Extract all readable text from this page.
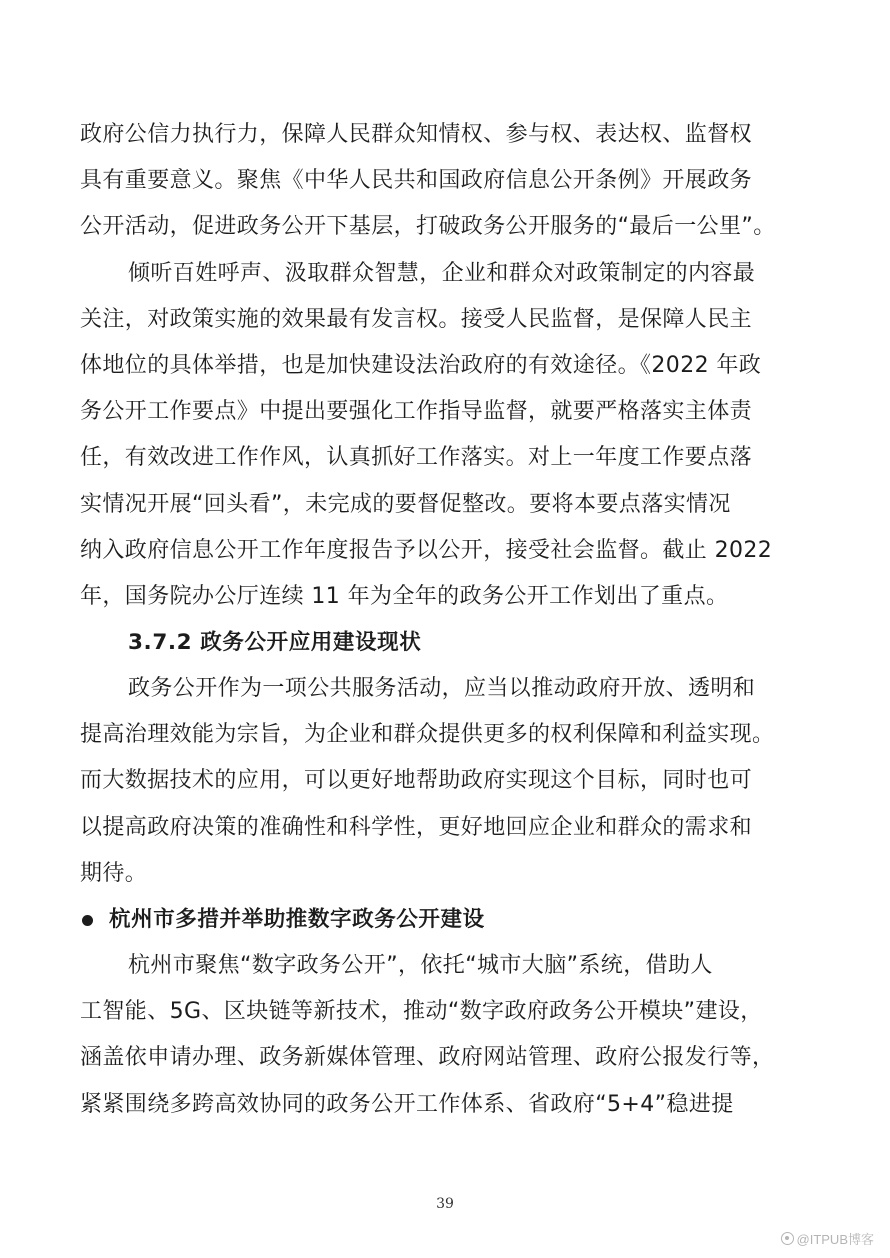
政府公信力执行力，保障人民群众知情权、参与权、表达权、监督权
具有重要意义。聚焦《中华人民共和国政府信息公开条例》开展政务
公开活动，促进政务公开下基层，打破政务公开服务的“最后一公里”。
倾听百姓呼声、汲取群众智慧，企业和群众对政策制定的内容最
关注，对政策实施的效果最有发言权。接受人民监督，是保障人民主
体地位的具体举措，也是加快建设法治政府的有效途径。《2022 年政
务公开工作要点》中提出要强化工作指导监督，就要严格落实主体责
任，有效改进工作作风，认真抓好工作落实。对上一年度工作要点落
实情况开展“回头看”，未完成的要督促整改。要将本要点落实情况
纳入政府信息公开工作年度报告予以公开，接受社会监督。截止 2022
年，国务院办公厅连续 11 年为全年的政务公开工作划出了重点。
3.7.2 政务公开应用建设现状
政务公开作为一项公共服务活动，应当以推动政府开放、透明和
提高治理效能为宗旨，为企业和群众提供更多的权利保障和利益实现。
而大数据技术的应用，可以更好地帮助政府实现这个目标，同时也可
以提高政府决策的准确性和科学性，更好地回应企业和群众的需求和
期待。
杭州市多措并举助推数字政务公开建设
杭州市聚焦“数字政务公开”，依托“城市大脑”系统，借助人
工智能、5G、区块链等新技术，推动“数字政府政务公开模块”建设，
涵盖依申请办理、政务新媒体管理、政府网站管理、政府公报发行等，
紧紧围绕多跨高效协同的政务公开工作体系、省政府“5+4”稳进提
39
@ITPUB博客
